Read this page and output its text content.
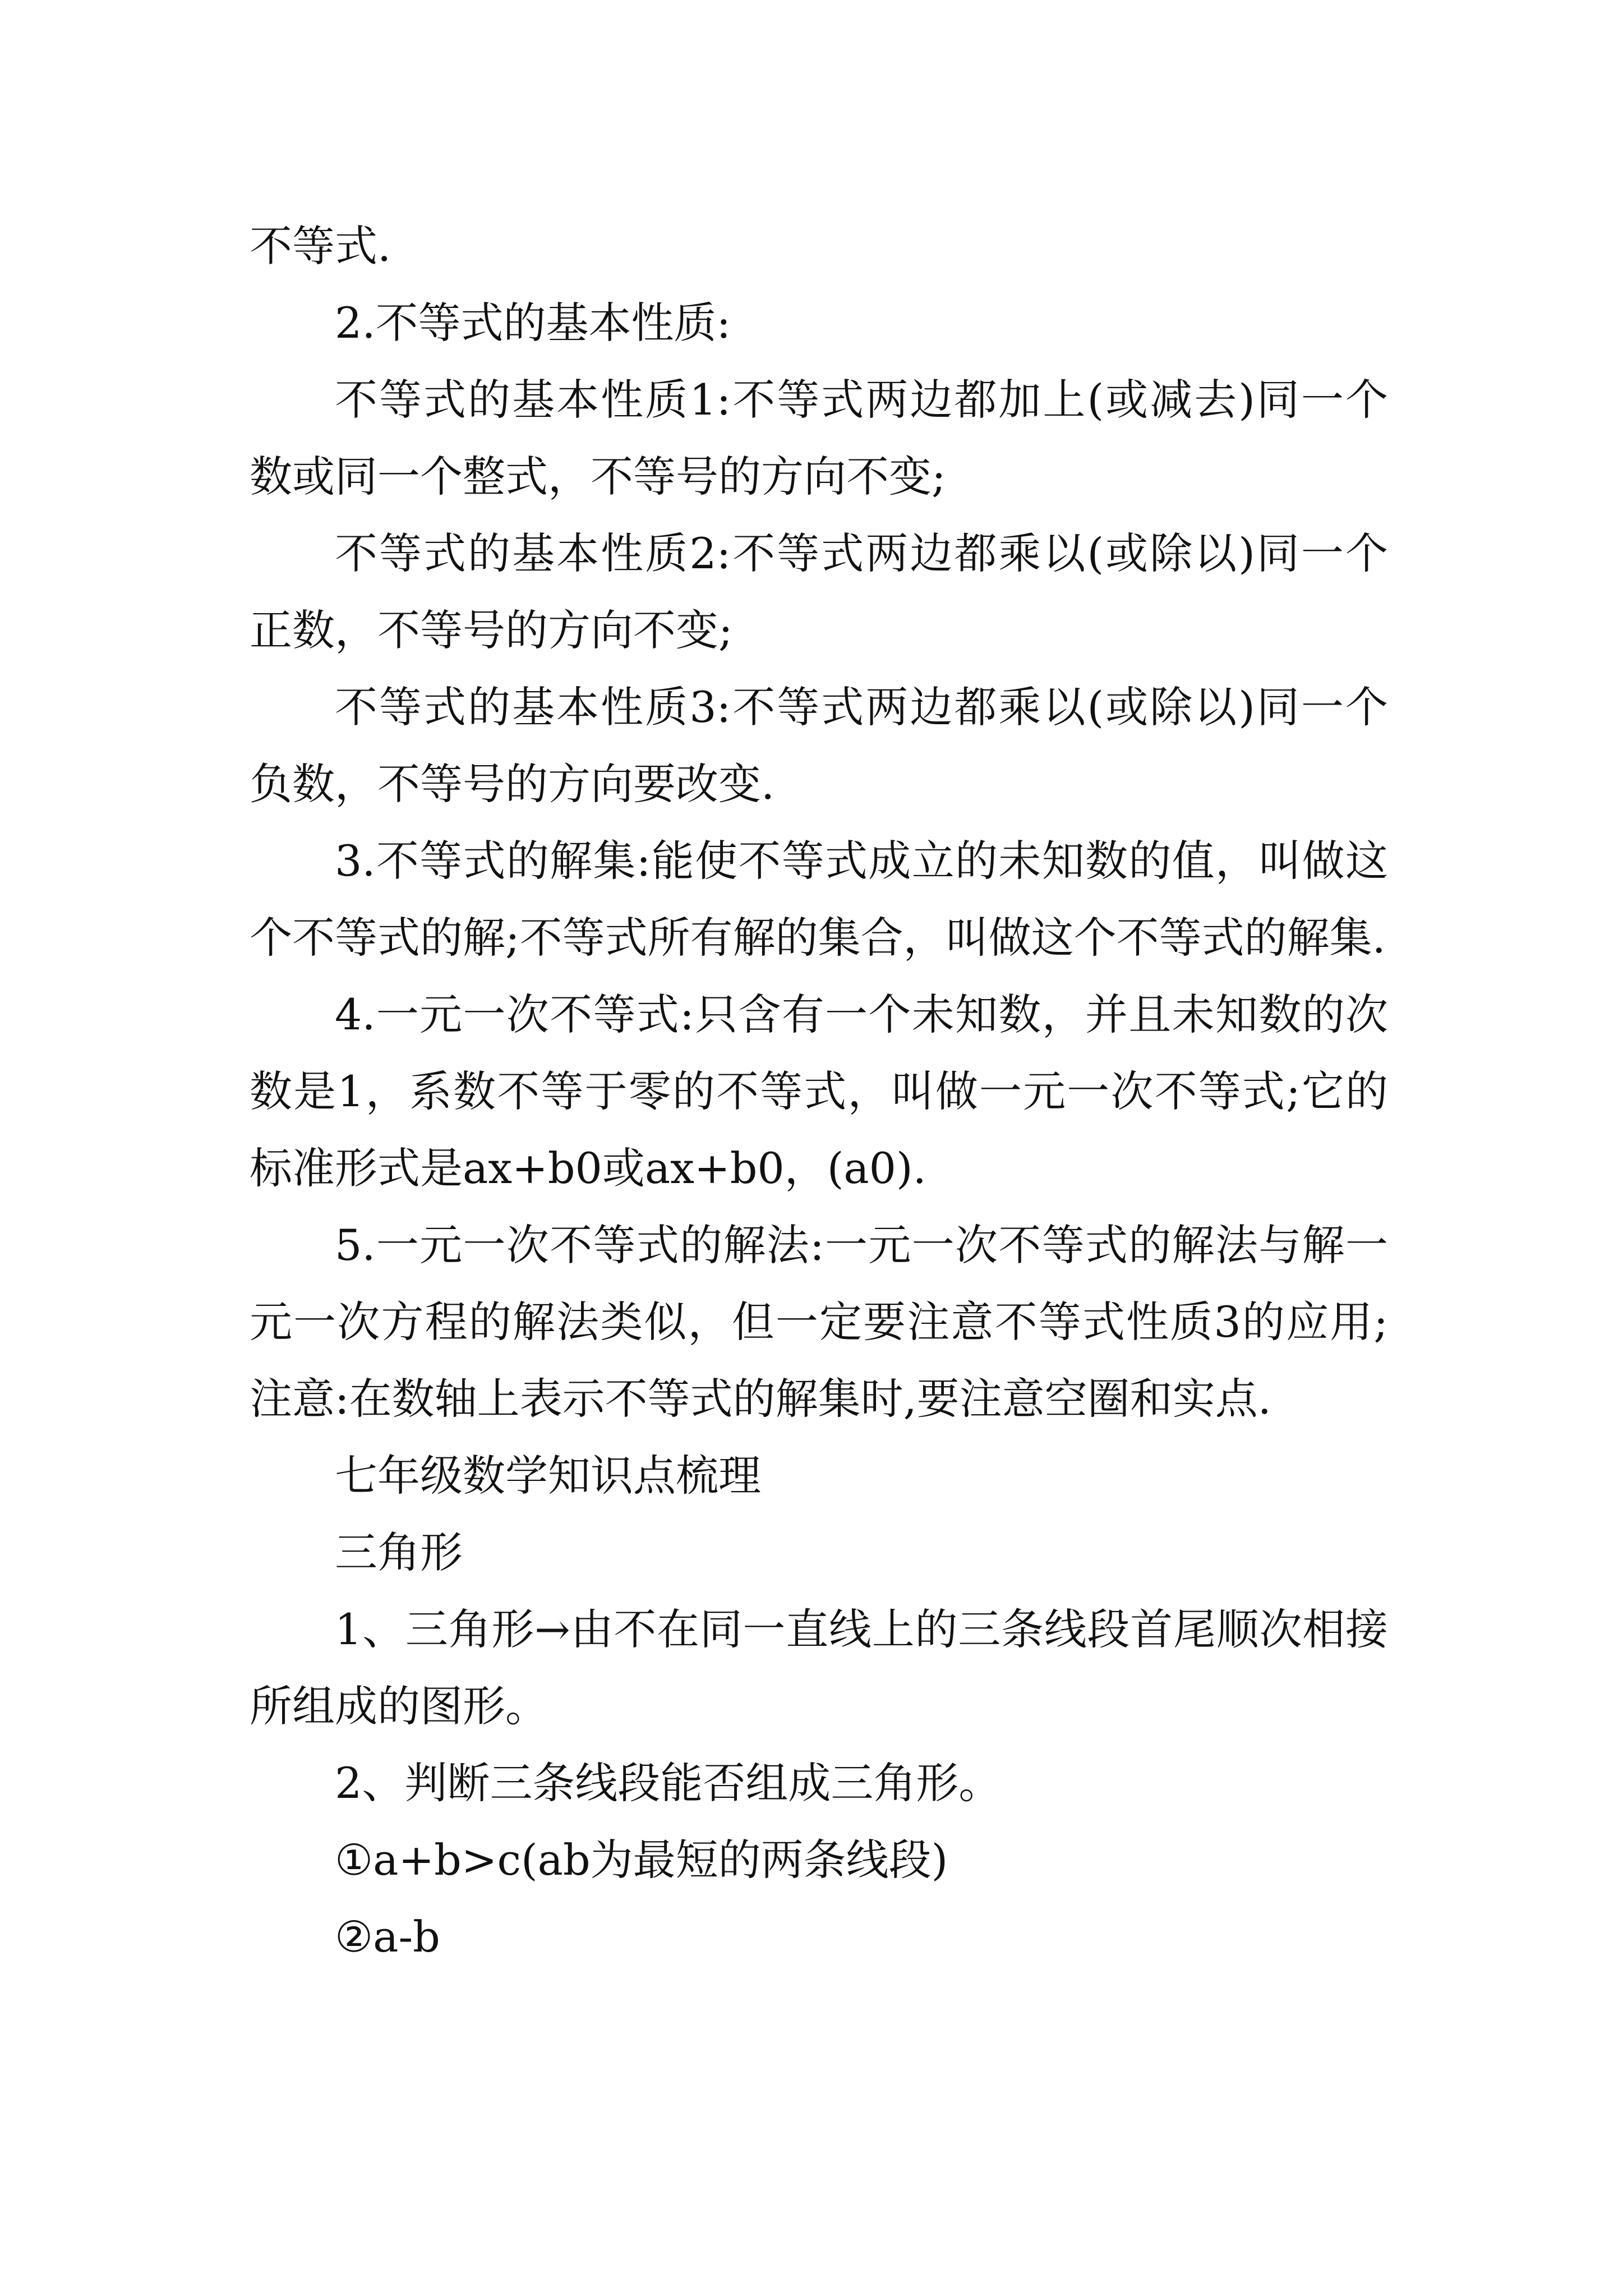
不等式.

2.不等式的基本性质:

不等式的基本性质1:不等式两边都加上(或减去)同一个数或同一个整式，不等号的方向不变;

不等式的基本性质2:不等式两边都乘以(或除以)同一个正数，不等号的方向不变;

不等式的基本性质3:不等式两边都乘以(或除以)同一个负数，不等号的方向要改变.

3.不等式的解集:能使不等式成立的未知数的值，叫做这个不等式的解;不等式所有解的集合，叫做这个不等式的解集.

4.一元一次不等式:只含有一个未知数，并且未知数的次数是1，系数不等于零的不等式，叫做一元一次不等式;它的标准形式是ax+b0或ax+b0，(a0).

5.一元一次不等式的解法:一元一次不等式的解法与解一元一次方程的解法类似，但一定要注意不等式性质3的应用;注意:在数轴上表示不等式的解集时,要注意空圈和实点.

七年级数学知识点梳理

三角形

1、三角形→由不在同一直线上的三条线段首尾顺次相接所组成的图形。

2、判断三条线段能否组成三角形。

①a+b>c(ab为最短的两条线段)

②a-b
